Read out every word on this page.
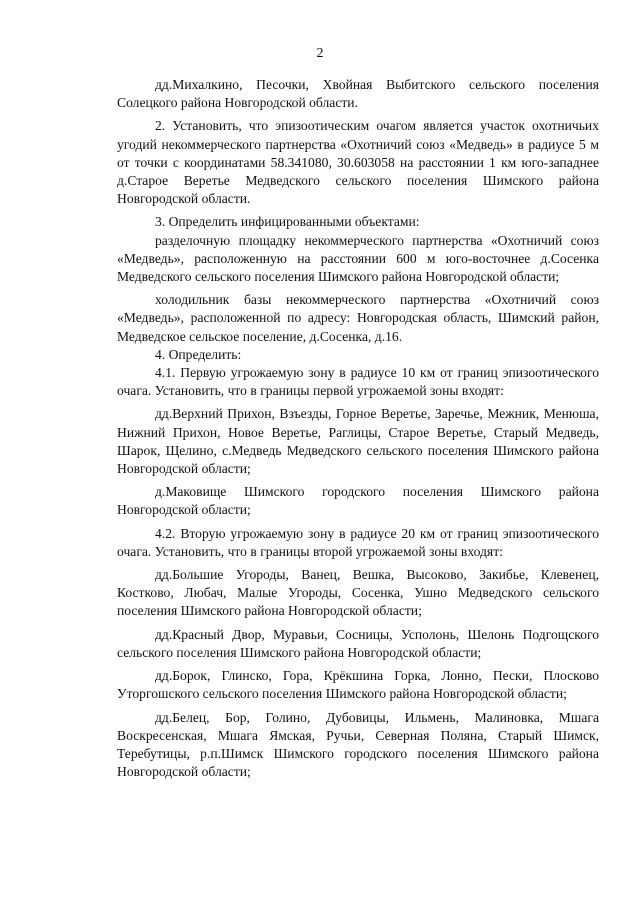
2

дд.Михалкино, Песочки, Хвойная Выбитского сельского поселения Солецкого района Новгородской области.

2. Установить, что эпизоотическим очагом является участок охотничьих угодий некоммерческого партнерства «Охотничий союз «Медведь» в радиусе 5 м от точки с координатами 58.341080, 30.603058 на расстоянии 1 км юго-западнее д.Старое Веретье Медведского сельского поселения Шимского района Новгородской области.

3. Определить инфицированными объектами:

разделочную площадку некоммерческого партнерства «Охотничий союз «Медведь», расположенную на расстоянии 600 м юго-восточнее д.Сосенка Медведского сельского поселения Шимского района Новгородской области;

холодильник базы некоммерческого партнерства «Охотничий союз «Медведь», расположенной по адресу: Новгородская область, Шимский район, Медведское сельское поселение, д.Сосенка, д.16.

4. Определить:

4.1. Первую угрожаемую зону в радиусе 10 км от границ эпизоотического очага. Установить, что в границы первой угрожаемой зоны входят:

дд.Верхний Прихон, Взъезды, Горное Веретье, Заречье, Межник, Менюша, Нижний Прихон, Новое Веретье, Раглицы, Старое Веретье, Старый Медведь, Шарок, Щелино, с.Медведь Медведского сельского поселения Шимского района Новгородской области;

д.Маковище Шимского городского поселения Шимского района Новгородской области;

4.2. Вторую угрожаемую зону в радиусе 20 км от границ эпизоотического очага. Установить, что в границы второй угрожаемой зоны входят:

дд.Большие Угороды, Ванец, Вешка, Высоково, Закибье, Клевенец, Костково, Любач, Малые Угороды, Сосенка, Ушно Медведского сельского поселения Шимского района Новгородской области;

дд.Красный Двор, Муравьи, Сосницы, Усполонь, Шелонь Подгощского сельского поселения Шимского района Новгородской области;

дд.Борок, Глинско, Гора, Крёкшина Горка, Лонно, Пески, Плосково Уторгошского сельского поселения Шимского района Новгородской области;

дд.Белец, Бор, Голино, Дубовицы, Ильмень, Малиновка, Мшага Воскресенская, Мшага Ямская, Ручьи, Северная Поляна, Старый Шимск, Теребутицы, р.п.Шимск Шимского городского поселения Шимского района Новгородской области;
